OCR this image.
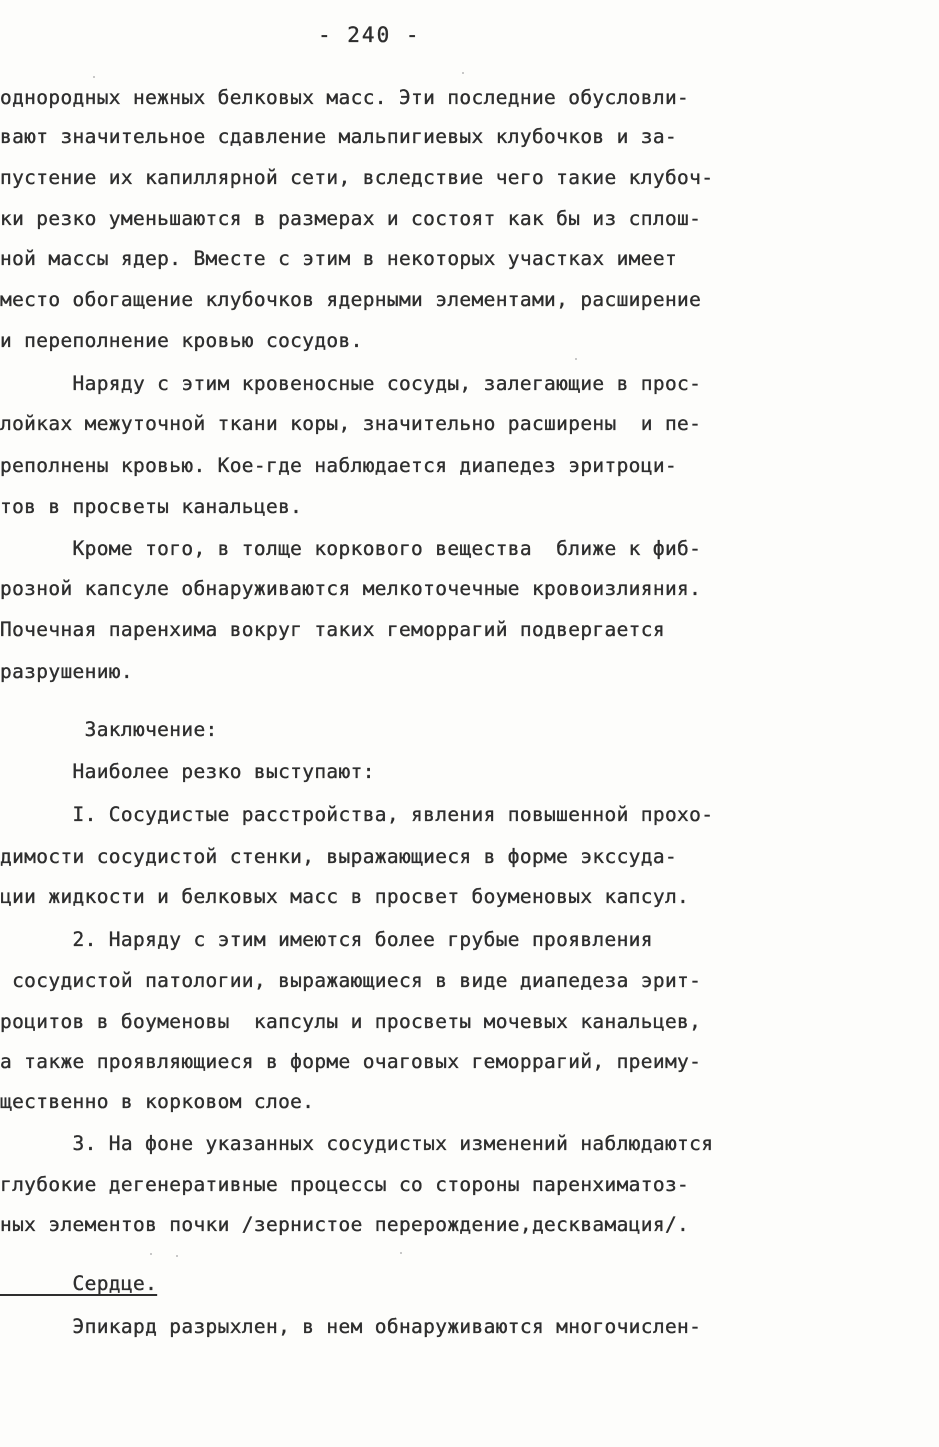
- 240 -
однородных нежных белковых масс. Эти последние обусловли-
вают значительное сдавление мальпигиевых клубочков и за-
пустение их капиллярной сети, вследствие чего такие клубоч-
ки резко уменьшаются в размерах и состоят как бы из сплош-
ной массы ядер. Вместе с этим в некоторых участках имеет
место обогащение клубочков ядерными элементами, расширение
и переполнение кровью сосудов.
Наряду с этим кровеносные сосуды, залегающие в прос-
лойках межуточной ткани коры, значительно расширены  и пе-
реполнены кровью. Кое-где наблюдается диапедез эритроци-
тов в просветы канальцев.
Кроме того, в толще коркового вещества  ближе к фиб-
розной капсуле обнаруживаются мелкоточечные кровоизлияния.
Почечная паренхима вокруг таких геморрагий подвергается
разрушению.
Заключение:
Наиболее резко выступают:
I. Сосудистые расстройства, явления повышенной прохо-
димости сосудистой стенки, выражающиеся в форме экссуда-
ции жидкости и белковых масс в просвет боуменовых капсул.
2. Наряду с этим имеются более грубые проявления
сосудистой патологии, выражающиеся в виде диапедеза эрит-
роцитов в боуменовы  капсулы и просветы мочевых канальцев,
а также проявляющиеся в форме очаговых геморрагий, преиму-
щественно в корковом слое.
3. На фоне указанных сосудистых изменений наблюдаются
глубокие дегенеративные процессы со стороны паренхиматоз-
ных элементов почки /зернистое перерождение,десквамация/.
Сердце.
Эпикард разрыхлен, в нем обнаруживаются многочислен-
